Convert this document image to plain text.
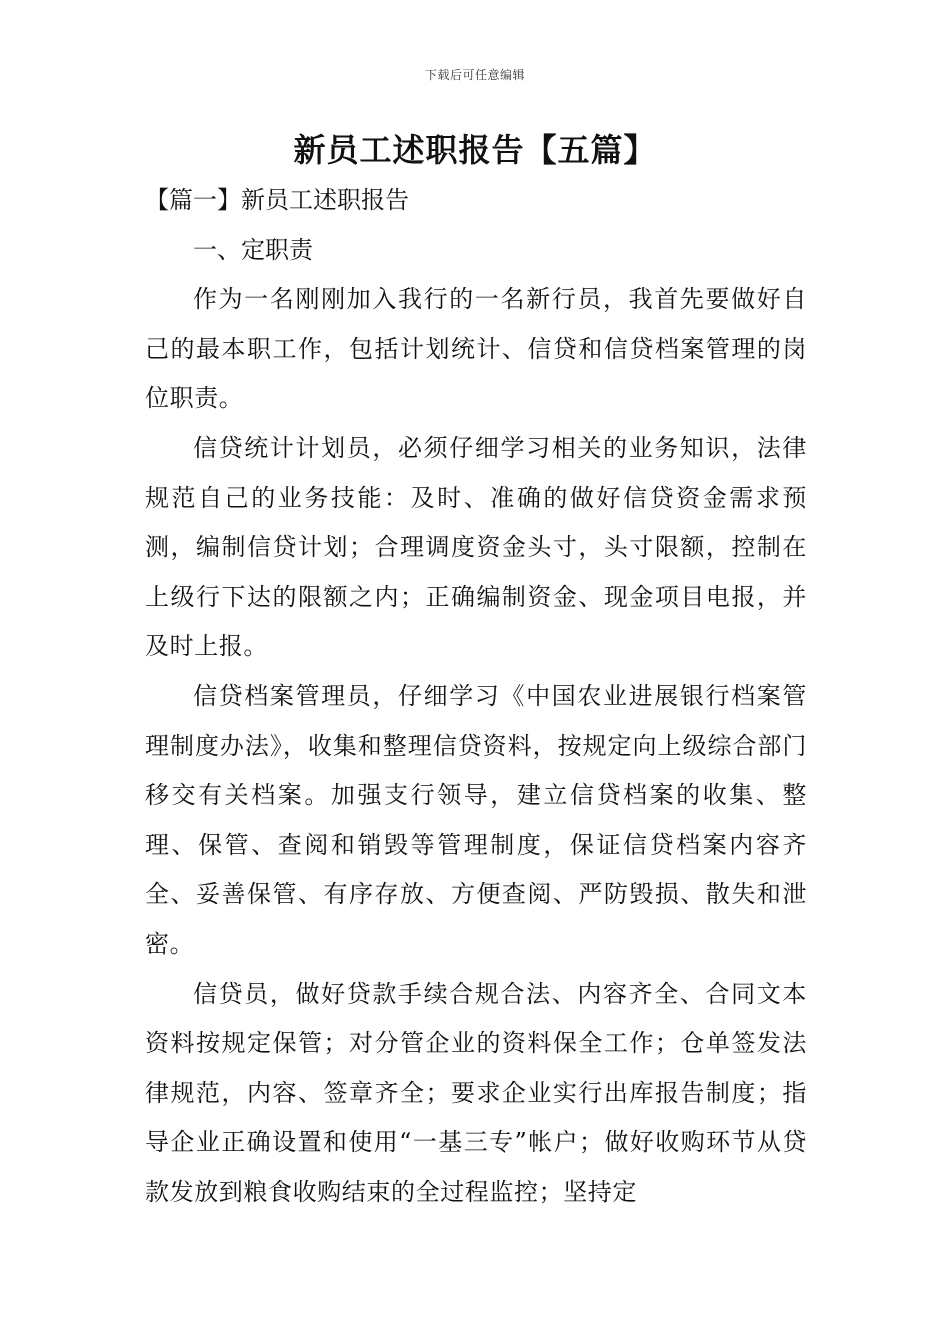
下载后可任意编辑
新员工述职报告【五篇】
【篇一】新员工述职报告
一、定职责

作为一名刚刚加入我行的一名新行员，我首先要做好自己的最本职工作，包括计划统计、信贷和信贷档案管理的岗位职责。

信贷统计计划员，必须仔细学习相关的业务知识，法律规范自己的业务技能：及时、准确的做好信贷资金需求预测，编制信贷计划；合理调度资金头寸，头寸限额，控制在上级行下达的限额之内；正确编制资金、现金项目电报，并及时上报。

信贷档案管理员，仔细学习《中国农业进展银行档案管理制度办法》，收集和整理信贷资料，按规定向上级综合部门移交有关档案。加强支行领导，建立信贷档案的收集、整理、保管、查阅和销毁等管理制度，保证信贷档案内容齐全、妥善保管、有序存放、方便查阅、严防毁损、散失和泄密。

信贷员，做好贷款手续合规合法、内容齐全、合同文本资料按规定保管；对分管企业的资料保全工作；仓单签发法律规范，内容、签章齐全；要求企业实行出库报告制度；指导企业正确设置和使用“一基三专”帐户；做好收购环节从贷款发放到粮食收购结束的全过程监控；坚持定
